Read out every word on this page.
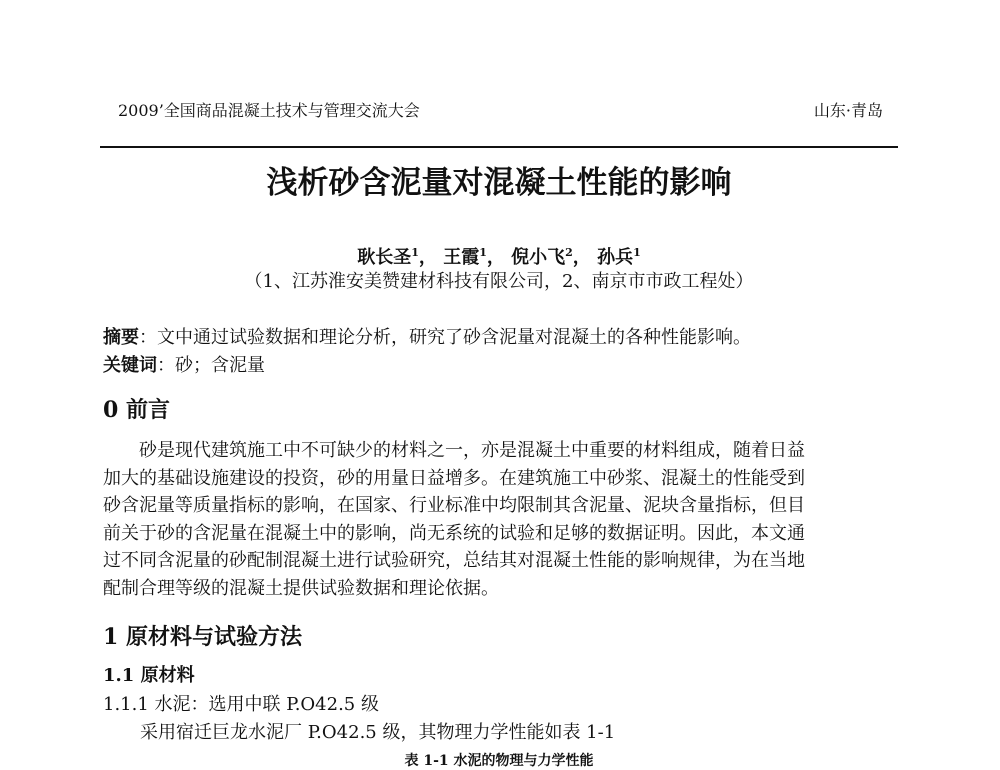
2009’全国商品混凝土技术与管理交流大会	山东·青岛
浅析砂含泥量对混凝土性能的影响
耿长圣$^1$， 王霞$^1$， 倪小飞$^2$， 孙兵$^1$
（1、江苏淮安美赞建材科技有限公司，2、南京市市政工程处）
摘要：文中通过试验数据和理论分析，研究了砂含泥量对混凝土的各种性能影响。
关键词：砂；含泥量
0 前言
砂是现代建筑施工中不可缺少的材料之一，亦是混凝土中重要的材料组成，随着日益
加大的基础设施建设的投资，砂的用量日益增多。在建筑施工中砂浆、混凝土的性能受到
砂含泥量等质量指标的影响，在国家、行业标准中均限制其含泥量、泥块含量指标，但目
前关于砂的含泥量在混凝土中的影响，尚无系统的试验和足够的数据证明。因此，本文通
过不同含泥量的砂配制混凝土进行试验研究，总结其对混凝土性能的影响规律，为在当地
配制合理等级的混凝土提供试验数据和理论依据。
1 原材料与试验方法
1.1 原材料
1.1.1 水泥：选用中联 P.O42.5 级
采用宿迁巨龙水泥厂 P.O42.5 级，其物理力学性能如表 1-1
表 1-1 水泥的物理与力学性能
